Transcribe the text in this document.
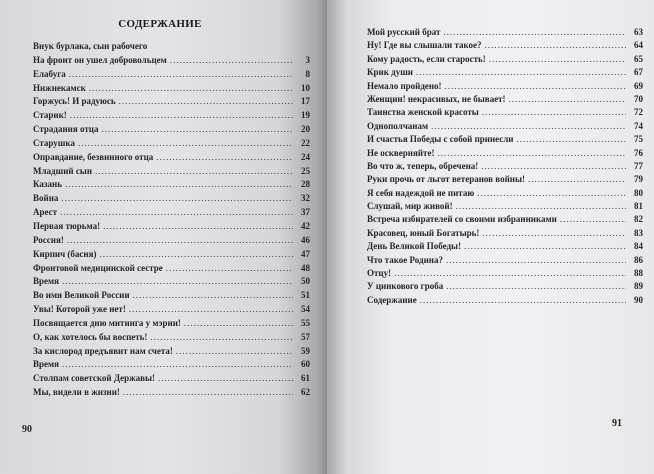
СОДЕРЖАНИЕ
Внук бурлака, сын рабочего
На фронт он ушел добровольцем .....	3
Елабуга .....	8
Нижнекамск .....	10
Горжусь! И радуюсь .....	17
Старик! .....	19
Страдания отца .....	20
Старушка .....	22
Оправдание, безвинного отца .....	24
Младший сын .....	25
Казань .....	28
Война .....	32
Арест .....	37
Первая тюрьма! .....	42
Россия! .....	46
Кирпич (басня) .....	47
Фронтовой медицинской сестре .....	48
Время .....	50
Во имя Великой России .....	51
Увы! Которой уже нет! .....	54
Посвящается дню митинга у мэрии! .....	55
О, как хотелось бы воспеть! .....	57
За кислород предъявит нам счета! .....	59
Время .....	60
Столпам советской Державы! .....	61
Мы, видели в жизни! .....	62
90
Мой русский брат .....	63
Ну! Где вы слышали такое? .....	64
Кому радость, если старость! .....	65
Крик души .....	67
Немало пройдено! .....	69
Женщин! некрасивых, не бывает! .....	70
Таинства женской красоты .....	72
Однополчанам .....	74
И счастья Победы с собой принесли .....	75
Не оскверняйте! .....	76
Во что ж, теперь, обречена! .....	77
Руки прочь от льгот ветеранов войны! .....	79
Я себя надеждой не питаю .....	80
Слушай, мир живой! .....	81
Встреча избирателей со своими избранниками .....	82
Красовец, юный Богатырь! .....	83
День Великой Победы! .....	84
Что такое Родина? .....	86
Отцу! .....	88
У цинкового гроба .....	89
Содержание .....	90
91
